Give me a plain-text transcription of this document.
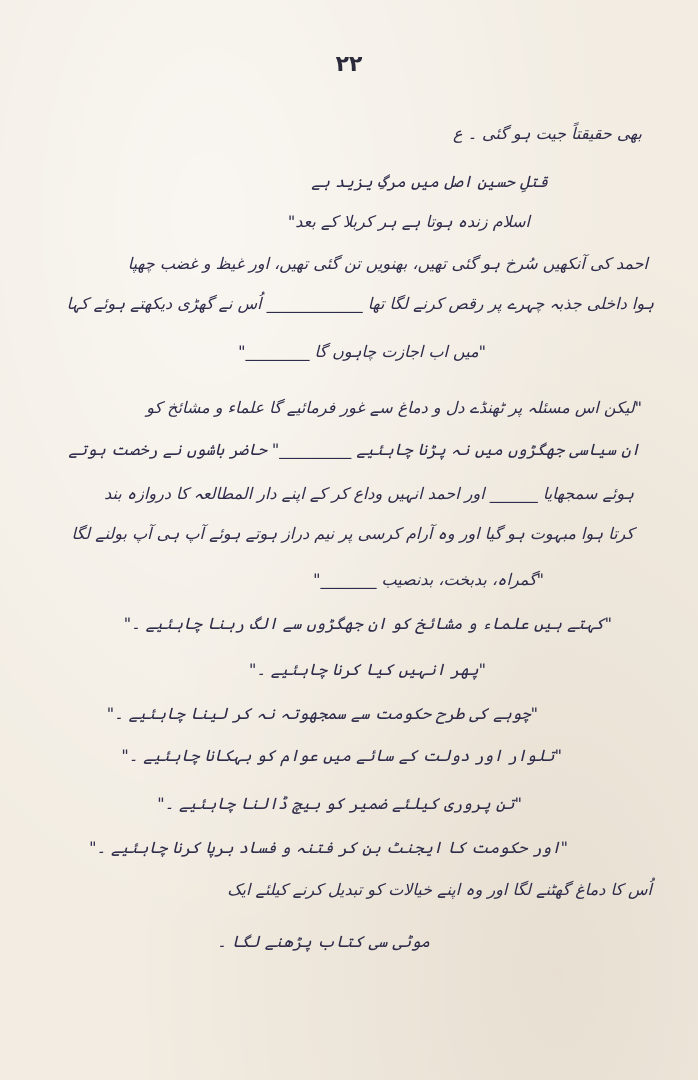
۲۲
بھی حقیقتاً جیت ہو گئی ۔ ع
قتلِ حسین اصل میں مرگِ یزید ہے
اسلام زندہ ہوتا ہے ہر کربلا کے بعد"
احمد کی آنکھیں سُرخ ہو گئی تھیں، بھنویں تن گئی تھیں، اور غیظ و غضب چھپا
ہوا داخلی جذبہ چہرے پر رقص کرنے لگا تھا ____________ اُس نے گھڑی دیکھتے ہوئے کہا
"میں اب اجازت چاہوں گا ________"
"لیکن اس مسئلہ پر ٹھنڈے دل و دماغ سے غور فرمائیے گا علماء و مشائخ کو
ان سیاسی جھگڑوں میں نہ پڑنا چاہئیے _________" حاضر باشوں نے رخصت ہوتے
ہوئے سمجھایا ______ اور احمد انہیں وداع کر کے اپنے دار المطالعہ کا دروازہ بند
کرتا ہوا مبہوت ہو گیا اور وہ آرام کرسی پر نیم دراز ہوتے ہوئے آپ ہی آپ بولنے لگا
"گمراہ، بدبخت، بدنصیب _______"
"کہتے ہیں علماء و مشائخ کو ان جھگڑوں سے الگ رہنا چاہئیے ۔"
"پھر انہیں کیا کرنا چاہئیے ۔"
"چوہے کی طرح حکومت سے سمجھوتہ نہ کر لینا چاہئیے ۔"
"تلوار اور دولت کے سائے میں عوام کو بہکانا چاہئیے ۔"
"تن پروری کیلئے ضمیر کو بیچ ڈالنا چاہئیے ۔"
"اور حکومت کا ایجنٹ بن کر فتنہ و فساد برپا کرنا چاہئیے ۔"
اُس کا دماغ گھٹنے لگا اور وہ اپنے خیالات کو تبدیل کرنے کیلئے ایک
موٹی سی کتاب پڑھنے لگا ۔
